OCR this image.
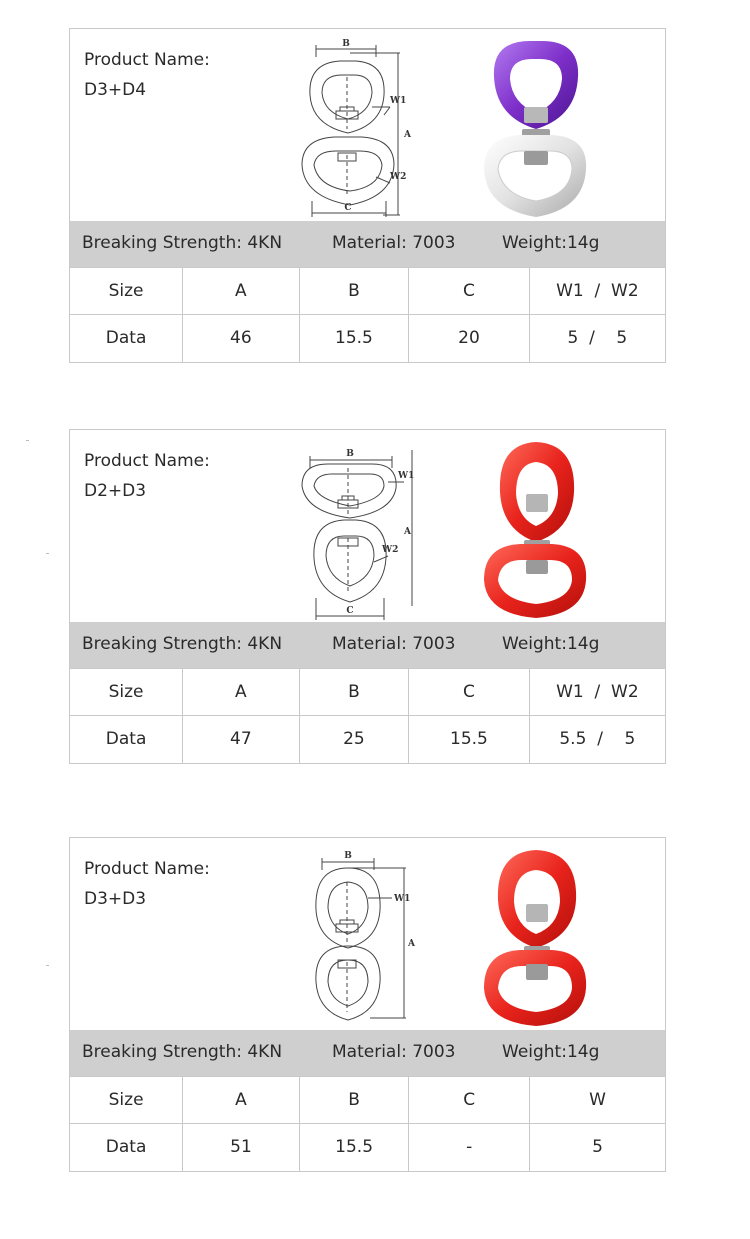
Product Name:
D3+D4
B
W1
A
W2
C
Breaking Strength: 4KN	Material: 7003	Weight:14g
Size	A	B	C	W1  /  W2
Data	46	15.5	20	5  /    5
Product Name:
D2+D3
B
W1
A
W2
C
Breaking Strength: 4KN	Material: 7003	Weight:14g
Size	A	B	C	W1  /  W2
Data	47	25	15.5	5.5  /    5
Product Name:
D3+D3
B
W1
A
Breaking Strength: 4KN	Material: 7003	Weight:14g
Size	A	B	C	W
Data	51	15.5	-	5
